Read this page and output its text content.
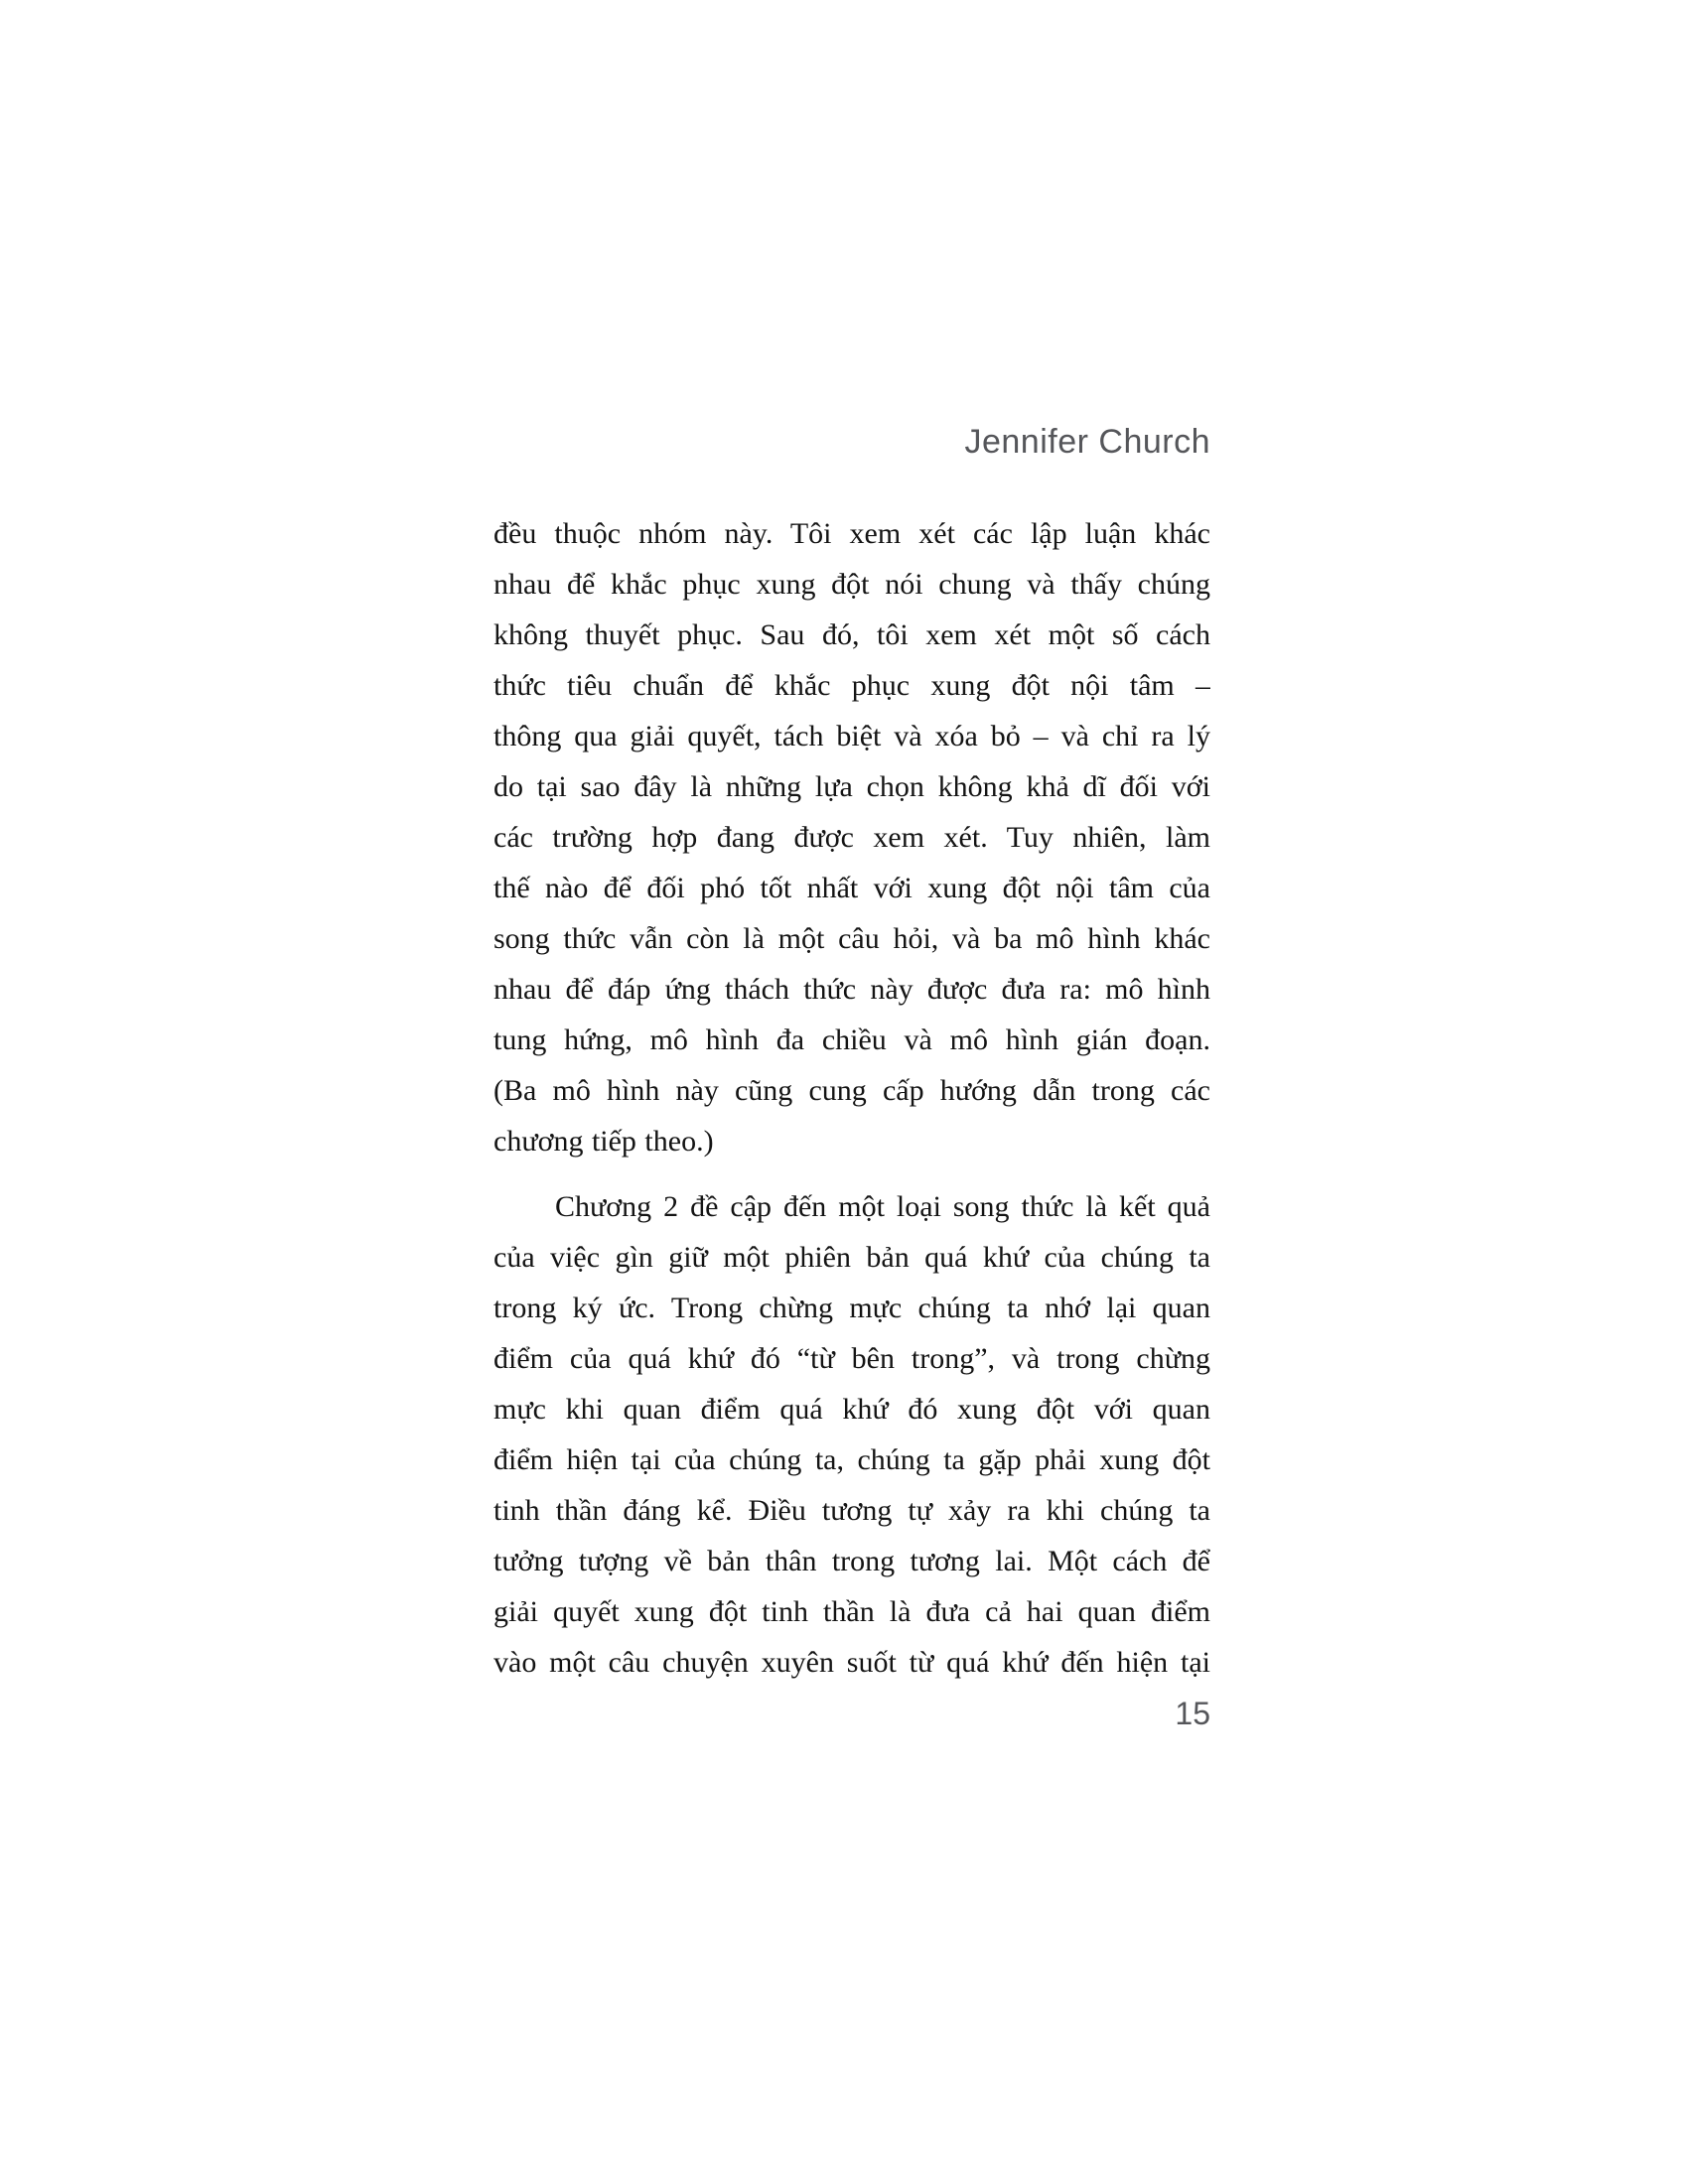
Jennifer Church
đều thuộc nhóm này. Tôi xem xét các lập luận khác
nhau để khắc phục xung đột nói chung và thấy chúng
không thuyết phục. Sau đó, tôi xem xét một số cách
thức tiêu chuẩn để khắc phục xung đột nội tâm –
thông qua giải quyết, tách biệt và xóa bỏ – và chỉ ra lý
do tại sao đây là những lựa chọn không khả dĩ đối với
các trường hợp đang được xem xét. Tuy nhiên, làm
thế nào để đối phó tốt nhất với xung đột nội tâm của
song thức vẫn còn là một câu hỏi, và ba mô hình khác
nhau để đáp ứng thách thức này được đưa ra: mô hình
tung hứng, mô hình đa chiều và mô hình gián đoạn.
(Ba mô hình này cũng cung cấp hướng dẫn trong các
chương tiếp theo.)
Chương 2 đề cập đến một loại song thức là kết quả
của việc gìn giữ một phiên bản quá khứ của chúng ta
trong ký ức. Trong chừng mực chúng ta nhớ lại quan
điểm của quá khứ đó “từ bên trong”, và trong chừng
mực khi quan điểm quá khứ đó xung đột với quan
điểm hiện tại của chúng ta, chúng ta gặp phải xung đột
tinh thần đáng kể. Điều tương tự xảy ra khi chúng ta
tưởng tượng về bản thân trong tương lai. Một cách để
giải quyết xung đột tinh thần là đưa cả hai quan điểm
vào một câu chuyện xuyên suốt từ quá khứ đến hiện tại
15
